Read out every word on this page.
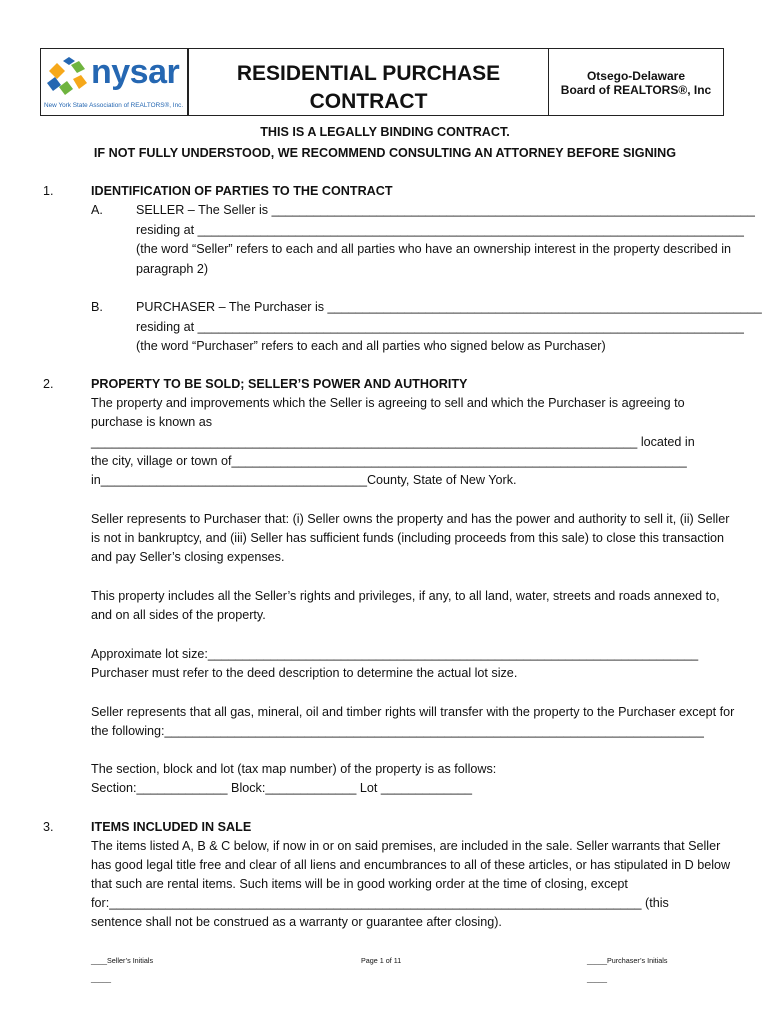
nysar
New York State Association of REALTORS®, Inc.
RESIDENTIAL PURCHASE
CONTRACT
Otsego-Delaware
Board of REALTORS®, Inc
THIS IS A LEGALLY BINDING CONTRACT.
IF NOT FULLY UNDERSTOOD, WE RECOMMEND CONSULTING AN ATTORNEY BEFORE SIGNING
1.	IDENTIFICATION OF PARTIES TO THE CONTRACT
A.	SELLER – The Seller is _____________________________________________________________________
residing at ______________________________________________________________________________
(the word “Seller” refers to each and all parties who have an ownership interest in the property described in
paragraph 2)
B.	PURCHASER – The Purchaser is ______________________________________________________________
residing at ______________________________________________________________________________
(the word “Purchaser” refers to each and all parties who signed below as Purchaser)
2.	PROPERTY TO BE SOLD; SELLER’S POWER AND AUTHORITY
The property and improvements which the Seller is agreeing to sell and which the Purchaser is agreeing to
purchase is known as
______________________________________________________________________________ located in
the city, village or town of_________________________________________________________________
in______________________________________County, State of New York.
Seller represents to Purchaser that: (i) Seller owns the property and has the power and authority to sell it, (ii) Seller
is not in bankruptcy, and (iii) Seller has sufficient funds (including proceeds from this sale) to close this transaction
and pay Seller’s closing expenses.
This property includes all the Seller’s rights and privileges, if any, to all land, water, streets and roads annexed to,
and on all sides of the property.
Approximate lot size:______________________________________________________________________
Purchaser must refer to the deed description to determine the actual lot size.
Seller represents that all gas, mineral, oil and timber rights will transfer with the property to the Purchaser except for
the following:_____________________________________________________________________________
The section, block and lot (tax map number) of the property is as follows:
Section:_____________ Block:_____________ Lot _____________
3.	ITEMS INCLUDED IN SALE
The items listed A, B & C below, if now in or on said premises, are included in the sale. Seller warrants that Seller
has good legal title free and clear of all liens and encumbrances to all of these articles, or has stipulated in D below
that such are rental items. Such items will be in good working order at the time of closing, except
for:____________________________________________________________________________ (this
sentence shall not be construed as a warranty or guarantee after closing).
____Seller’s Initials	Page 1 of 11	_____Purchaser’s Initials
_____	_____
